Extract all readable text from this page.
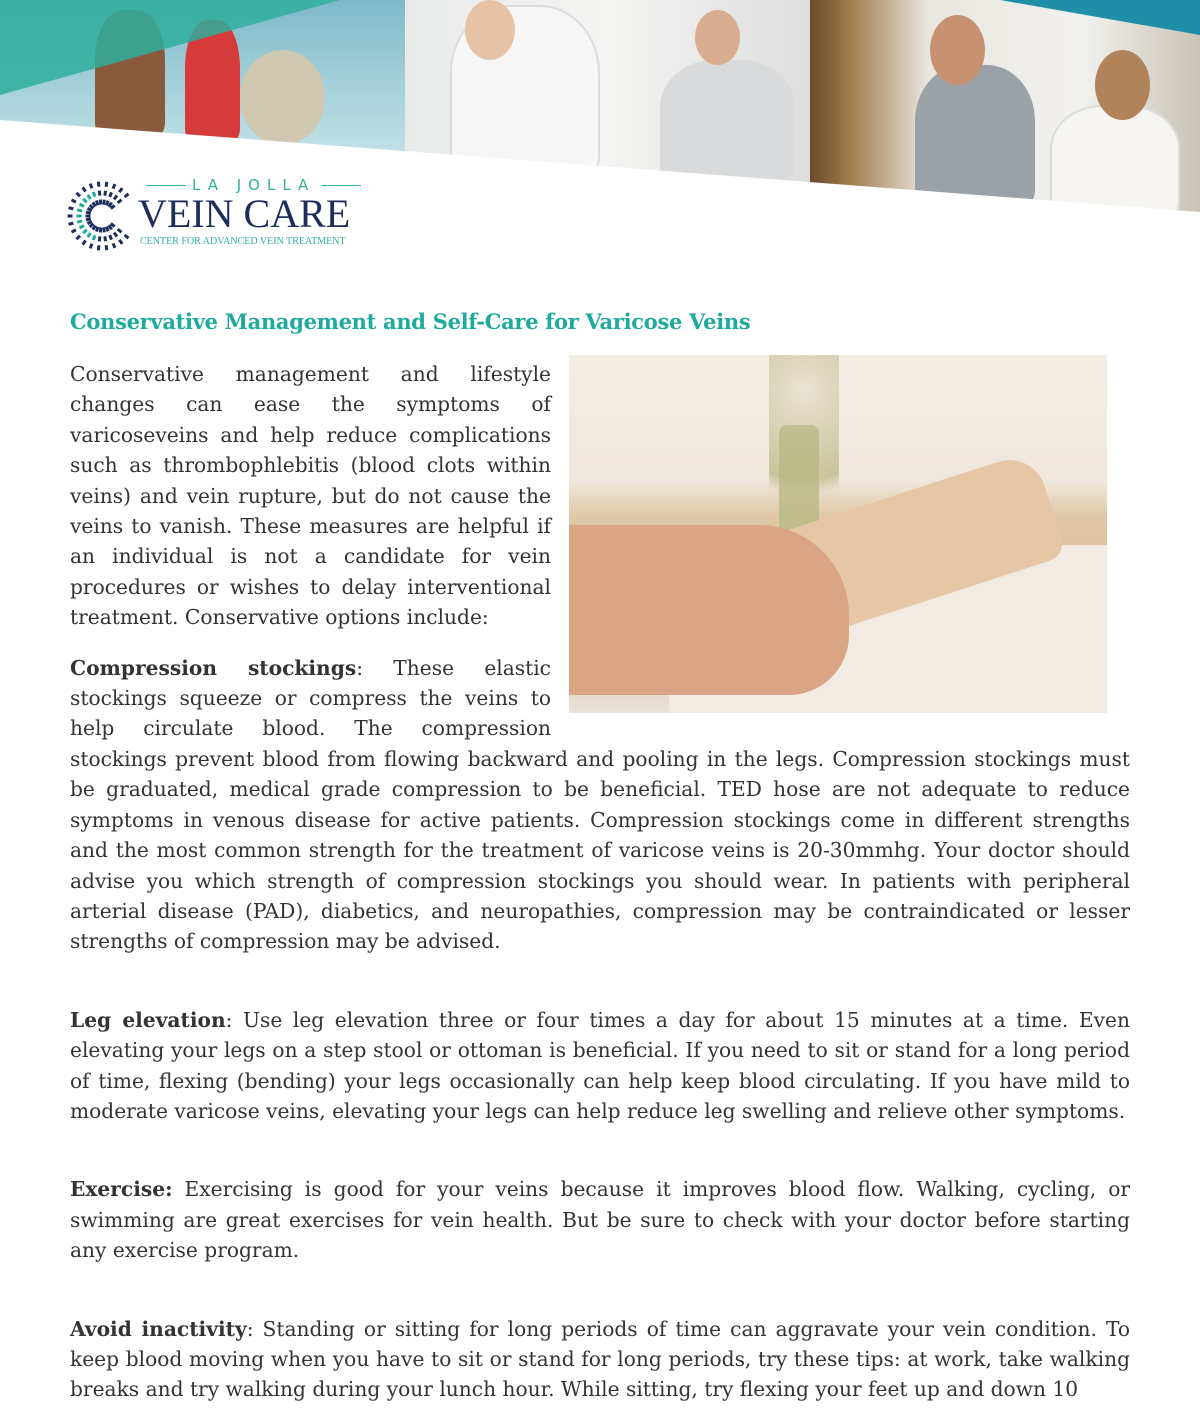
LA JOLLA
VEIN CARE
CENTER FOR ADVANCED VEIN TREATMENT
Conservative Management and Self-Care for Varicose Veins

Conservative management and lifestyle changes can ease the symptoms of varicoseveins and help reduce complications such as thrombophlebitis (blood clots within veins) and vein rupture, but do not cause the veins to vanish. These measures are helpful if an individual is not a candidate for vein procedures or wishes to delay interventional treatment. Conservative options include:

Compression stockings: These elastic stockings squeeze or compress the veins to help circulate blood. The compression stockings prevent blood from flowing backward and pooling in the legs. Compression stockings must be graduated, medical grade compression to be beneficial. TED hose are not adequate to reduce symptoms in venous disease for active patients. Compression stockings come in different strengths and the most common strength for the treatment of varicose veins is 20-30mmhg. Your doctor should advise you which strength of compression stockings you should wear. In patients with peripheral arterial disease (PAD), diabetics, and neuropathies, compression may be contraindicated or lesser strengths of compression may be advised.

Leg elevation: Use leg elevation three or four times a day for about 15 minutes at a time. Even elevating your legs on a step stool or ottoman is beneficial. If you need to sit or stand for a long period of time, flexing (bending) your legs occasionally can help keep blood circulating. If you have mild to moderate varicose veins, elevating your legs can help reduce leg swelling and relieve other symptoms.

Exercise: Exercising is good for your veins because it improves blood flow. Walking, cycling, or swimming are great exercises for vein health. But be sure to check with your doctor before starting any exercise program.

Avoid inactivity: Standing or sitting for long periods of time can aggravate your vein condition. To keep blood moving when you have to sit or stand for long periods, try these tips: at work, take walking breaks and try walking during your lunch hour. While sitting, try flexing your feet up and down 10
